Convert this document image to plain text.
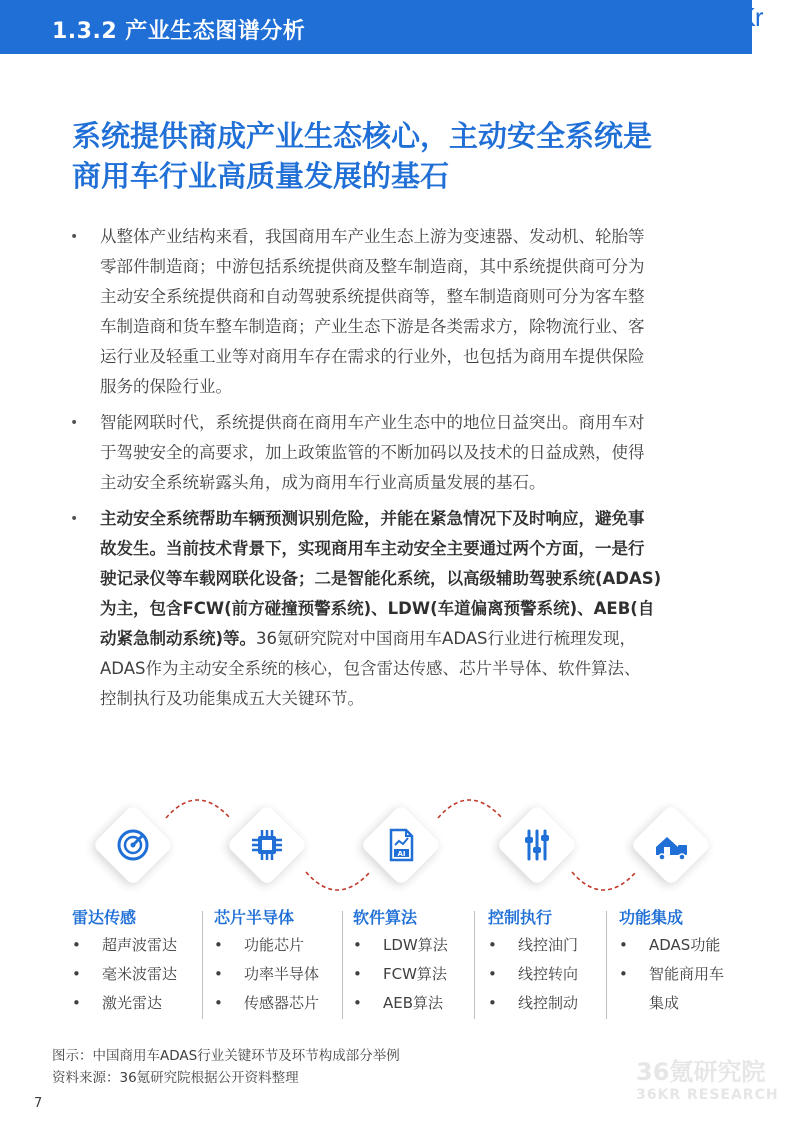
1.3.2 产业生态图谱分析	$36^{Kr}$
系统提供商成产业生态核心，主动安全系统是
商用车行业高质量发展的基石
• 从整体产业结构来看，我国商用车产业生态上游为变速器、发动机、轮胎等
零部件制造商；中游包括系统提供商及整车制造商，其中系统提供商可分为
主动安全系统提供商和自动驾驶系统提供商等，整车制造商则可分为客车整
车制造商和货车整车制造商；产业生态下游是各类需求方，除物流行业、客
运行业及轻重工业等对商用车存在需求的行业外，也包括为商用车提供保险
服务的保险行业。
• 智能网联时代，系统提供商在商用车产业生态中的地位日益突出。商用车对
于驾驶安全的高要求，加上政策监管的不断加码以及技术的日益成熟，使得
主动安全系统崭露头角，成为商用车行业高质量发展的基石。
• 主动安全系统帮助车辆预测识别危险，并能在紧急情况下及时响应，避免事
故发生。当前技术背景下，实现商用车主动安全主要通过两个方面，一是行
驶记录仪等车载网联化设备；二是智能化系统，以高级辅助驾驶系统(ADAS)
为主，包含FCW(前方碰撞预警系统)、LDW(车道偏离预警系统)、AEB(自
动紧急制动系统)等。36氪研究院对中国商用车ADAS行业进行梳理发现，
ADAS作为主动安全系统的核心，包含雷达传感、芯片半导体、软件算法、
控制执行及功能集成五大关键环节。
AI
雷达传感
• 超声波雷达
• 毫米波雷达
• 激光雷达
芯片半导体
• 功能芯片
• 功率半导体
• 传感器芯片
软件算法
• LDW算法
• FCW算法
• AEB算法
控制执行
• 线控油门
• 线控转向
• 线控制动
功能集成
• ADAS功能
• 智能商用车
集成
图示：中国商用车ADAS行业关键环节及环节构成部分举例
资料来源：36氪研究院根据公开资料整理	36氪研究院
36KR RESEARCH
7
